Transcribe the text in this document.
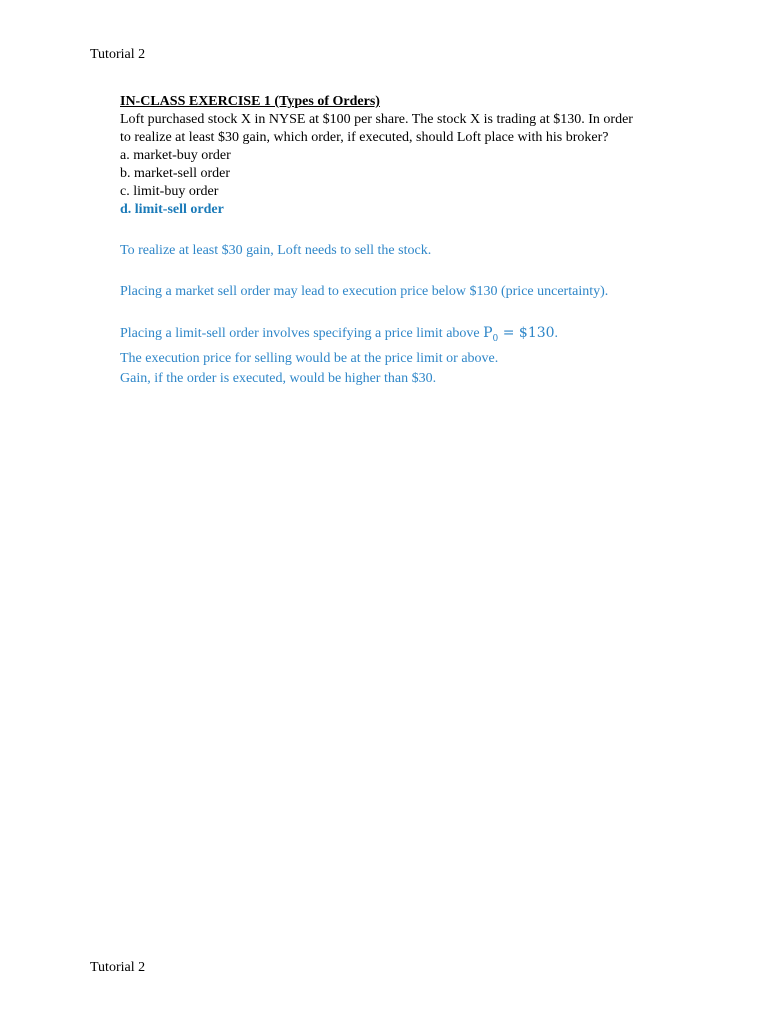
Tutorial 2

IN-CLASS EXERCISE 1 (Types of Orders)

Loft purchased stock X in NYSE at $100 per share. The stock X is trading at $130. In order

to realize at least $30 gain, which order, if executed, should Loft place with his broker?

a. market-buy order

b. market-sell order

c. limit-buy order

d. limit-sell order

To realize at least $30 gain, Loft needs to sell the stock.

Placing a market sell order may lead to execution price below $130 (price uncertainty).

Placing a limit-sell order involves specifying a price limit above $P_0$ = $130.

The execution price for selling would be at the price limit or above.

Gain, if the order is executed, would be higher than $30.

Tutorial 2
